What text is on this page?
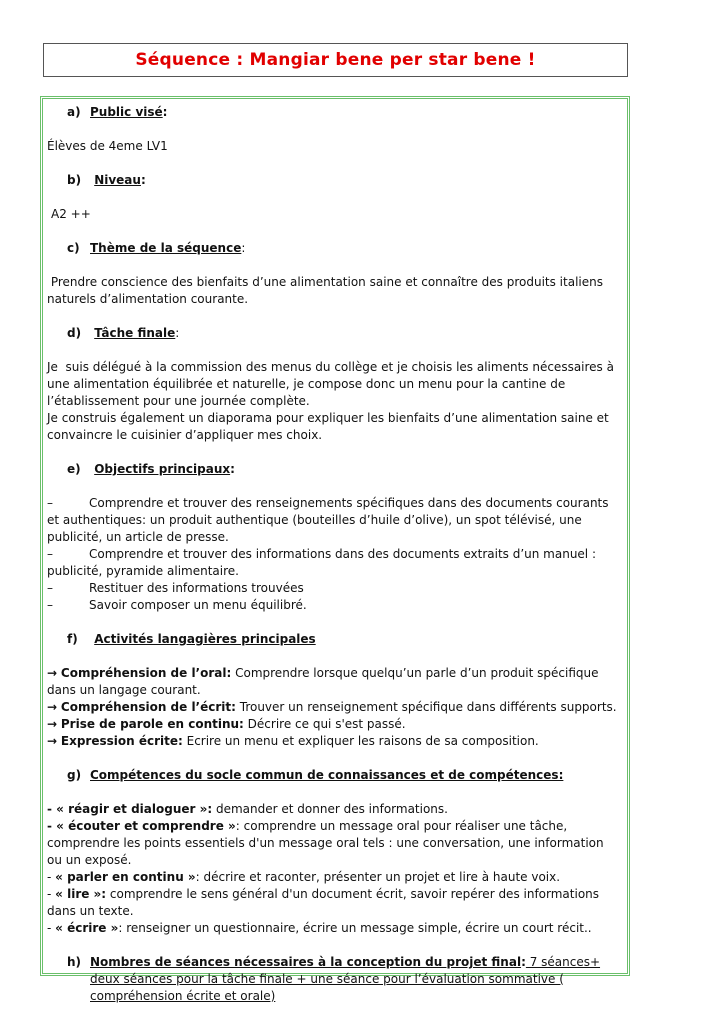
Séquence : Mangiar bene per star bene !
a) Public visé:
Élèves de 4eme LV1
b)	Niveau:
A2 ++
c) Thème de la séquence:
Prendre conscience des bienfaits d’une alimentation saine et connaître des produits italiens naturels d’alimentation courante.
d)	Tâche finale:
Je  suis délégué à la commission des menus du collège et je choisis les aliments nécessaires à une alimentation équilibrée et naturelle, je compose donc un menu pour la cantine de l’établissement pour une journée complète.
Je construis également un diaporama pour expliquer les bienfaits d’une alimentation saine et convaincre le cuisinier d’appliquer mes choix.
e)	Objectifs principaux:
–	Comprendre et trouver des renseignements spécifiques dans des documents courants et authentiques: un produit authentique (bouteilles d’huile d’olive), un spot télévisé, une publicité, un article de presse.
–	Comprendre et trouver des informations dans des documents extraits d’un manuel : publicité, pyramide alimentaire.
–	Restituer des informations trouvées
–	Savoir composer un menu équilibré.
f)	Activités langagières principales
→ Compréhension de l’oral: Comprendre lorsque quelqu’un parle d’un produit spécifique dans un langage courant.
→ Compréhension de l’écrit: Trouver un renseignement spécifique dans différents supports.
→ Prise de parole en continu: Décrire ce qui s'est passé.
→ Expression écrite: Ecrire un menu et expliquer les raisons de sa composition.
g) Compétences du socle commun de connaissances et de compétences:
- « réagir et dialoguer »: demander et donner des informations.
- « écouter et comprendre »: comprendre un message oral pour réaliser une tâche, comprendre les points essentiels d'un message oral tels : une conversation, une information ou un exposé.
- « parler en continu »: décrire et raconter, présenter un projet et lire à haute voix.
- « lire »: comprendre le sens général d'un document écrit, savoir repérer des informations dans un texte.
- « écrire »: renseigner un questionnaire, écrire un message simple, écrire un court récit..
h) Nombres de séances nécessaires à la conception du projet final: 7 séances+ deux séances pour la tâche finale + une séance pour l’évaluation sommative ( compréhension écrite et orale)
